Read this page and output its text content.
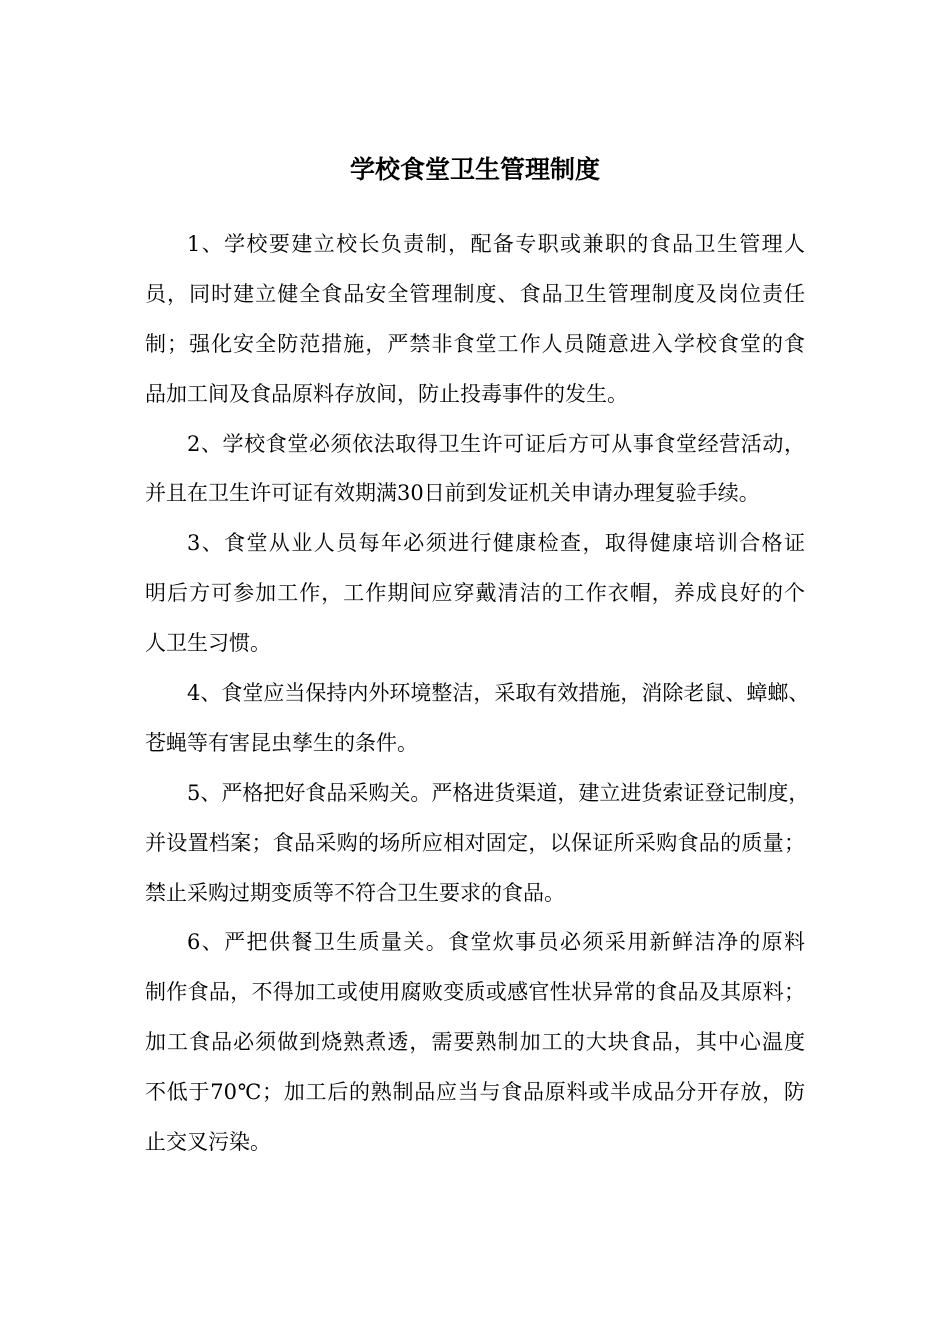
学校食堂卫生管理制度
1、学校要建立校长负责制，配备专职或兼职的食品卫生管理人
员，同时建立健全食品安全管理制度、食品卫生管理制度及岗位责任
制；强化安全防范措施，严禁非食堂工作人员随意进入学校食堂的食
品加工间及食品原料存放间，防止投毒事件的发生。
2、学校食堂必须依法取得卫生许可证后方可从事食堂经营活动，
并且在卫生许可证有效期满30日前到发证机关申请办理复验手续。
3、食堂从业人员每年必须进行健康检查，取得健康培训合格证
明后方可参加工作，工作期间应穿戴清洁的工作衣帽，养成良好的个
人卫生习惯。
4、食堂应当保持内外环境整洁，采取有效措施，消除老鼠、蟑螂、
苍蝇等有害昆虫孳生的条件。
5、严格把好食品采购关。严格进货渠道，建立进货索证登记制度，
并设置档案；食品采购的场所应相对固定，以保证所采购食品的质量；
禁止采购过期变质等不符合卫生要求的食品。
6、严把供餐卫生质量关。食堂炊事员必须采用新鲜洁净的原料
制作食品，不得加工或使用腐败变质或感官性状异常的食品及其原料；
加工食品必须做到烧熟煮透，需要熟制加工的大块食品，其中心温度
不低于70℃；加工后的熟制品应当与食品原料或半成品分开存放，防
止交叉污染。
